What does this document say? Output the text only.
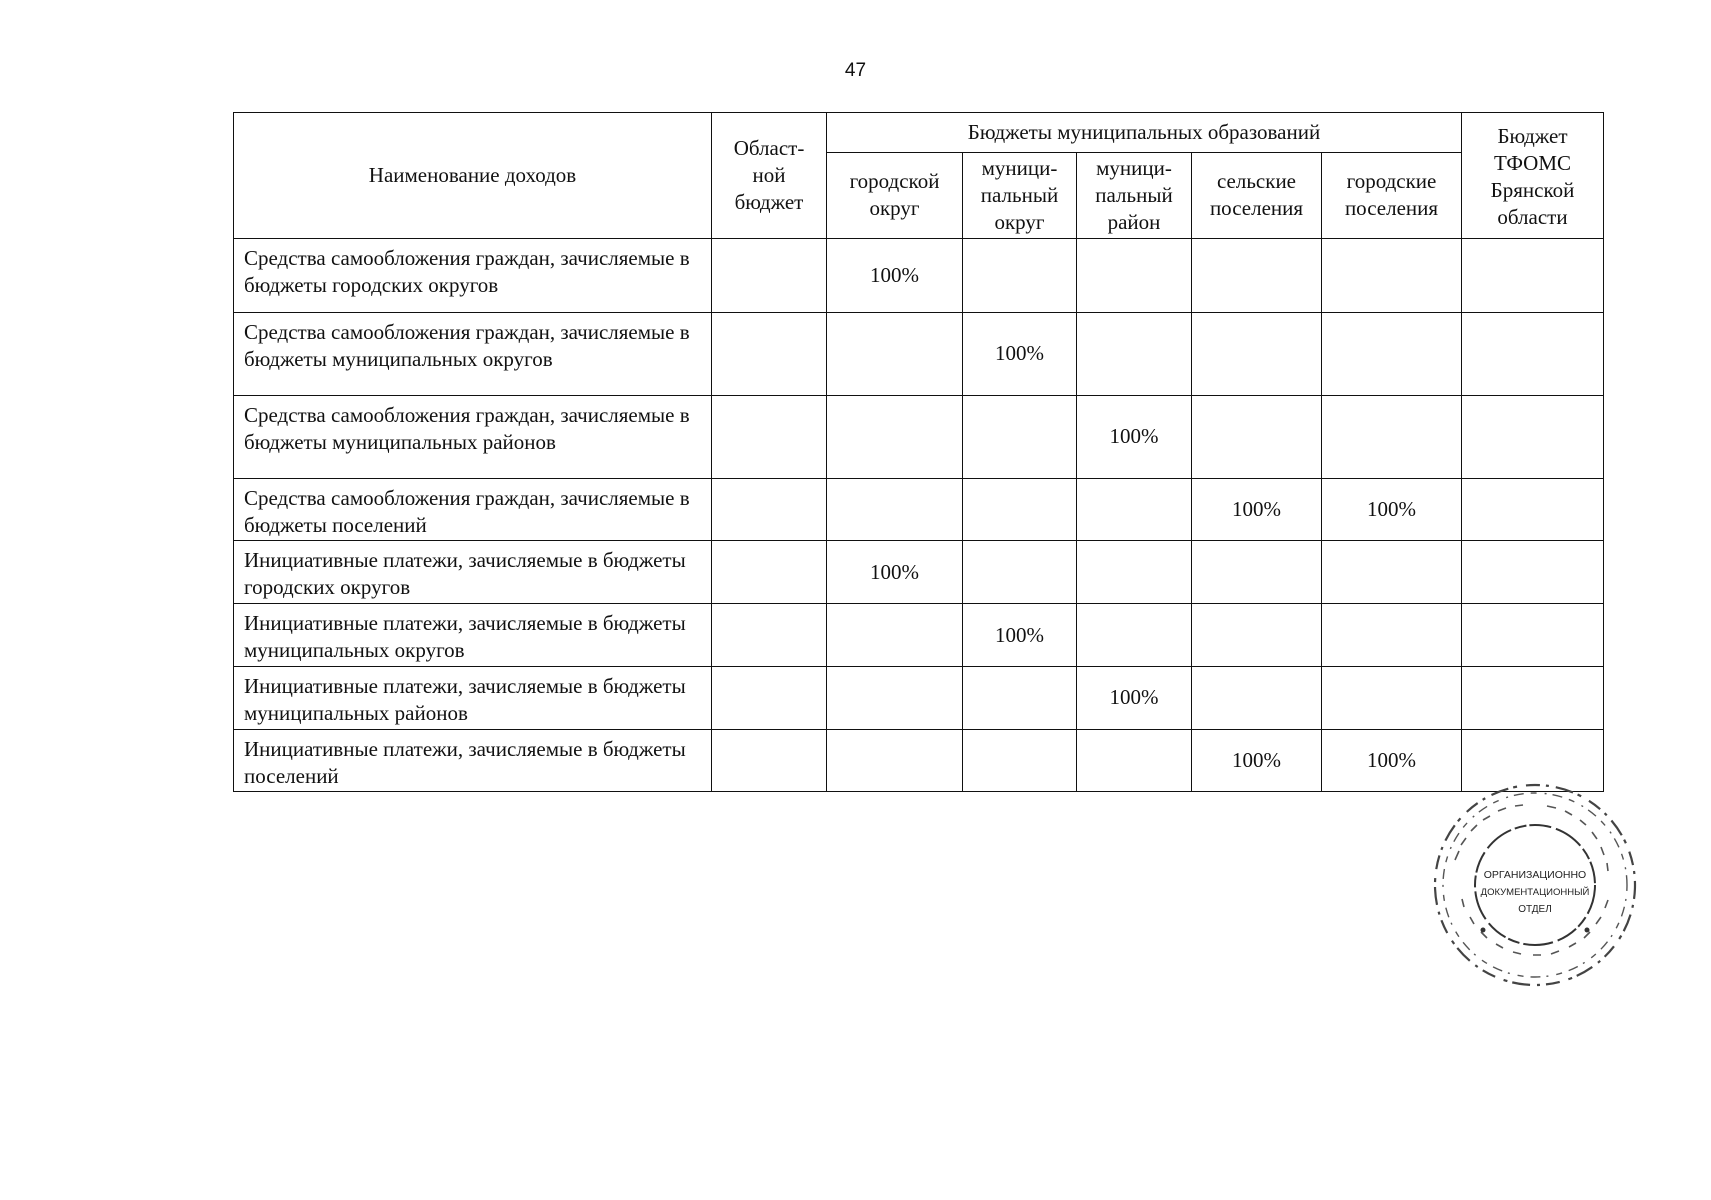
47
Наименование доходов	Област-
ной
бюджет	Бюджеты муниципальных образований					Бюджет
ТФОМС
Брянской
области
		городской
округ	муници-
пальный
округ	муници-
пальный
район	сельские
поселения	городские
поселения	
Средства самообложения граждан, зачисляемые в бюджеты городских округов		100%					
Средства самообложения граждан, зачисляемые в бюджеты муниципальных округов			100%				
Средства самообложения граждан, зачисляемые в бюджеты муниципальных районов				100%			
Средства самообложения граждан, зачисляемые в бюджеты поселений					100%	100%	
Инициативные платежи, зачисляемые в бюджеты городских округов		100%					
Инициативные платежи, зачисляемые в бюджеты муниципальных округов			100%				
Инициативные платежи, зачисляемые в бюджеты муниципальных районов				100%			
Инициативные платежи, зачисляемые в бюджеты поселений					100%	100%	
ОРГАНИЗАЦИОННО
ДОКУМЕНТАЦИОННЫЙ
ОТДЕЛ
